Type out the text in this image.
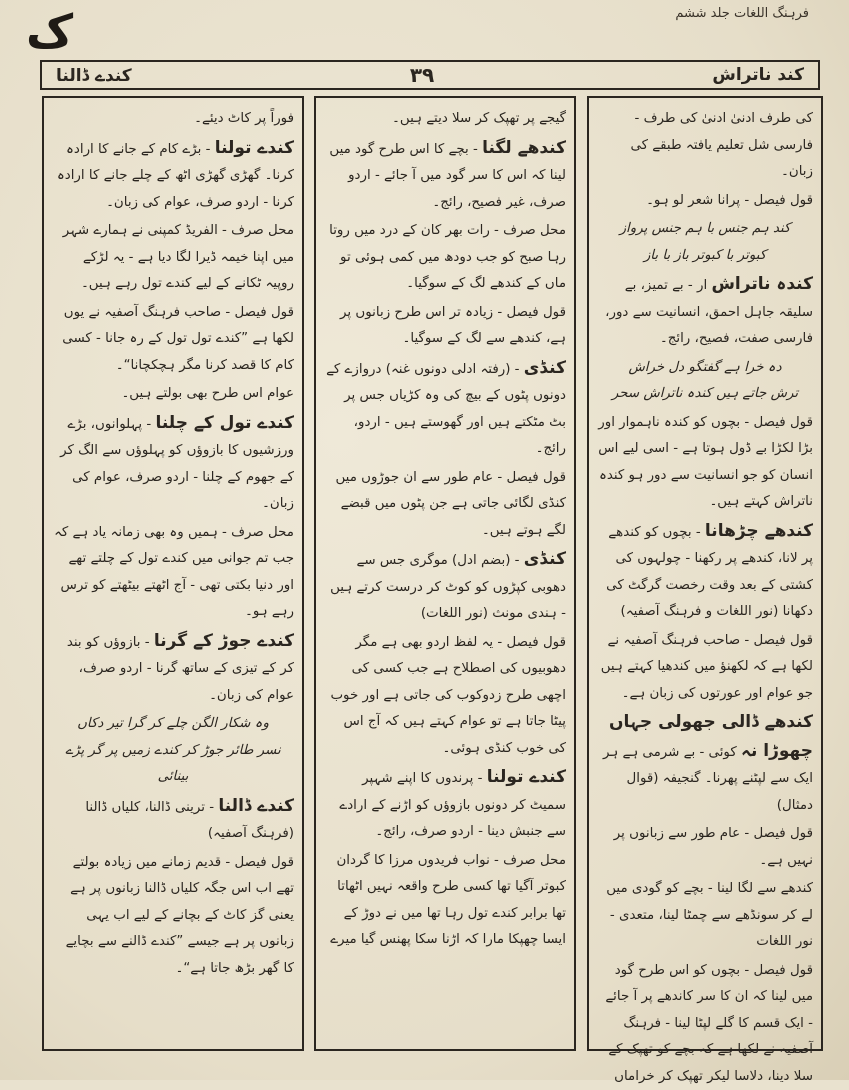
فرہنگ اللغات جلد ششم
ک
کند ناتراش
۳۹
کندے ڈالنا
کی طرف ادنیٰ ادنیٰ کی طرف - فارسی شل تعلیم یافتہ طبقے کی زبان۔
قول فیصل - پرانا شعر لو ہو۔
کند ہم جنس با ہم جنس پرواز
کبوتر با کبوتر باز با باز
کندہ ناتراش ار - بے تمیز، بے سلیقہ جاہل احمق، انسانیت سے دور، فارسی صفت، فصیح، رائج۔
دہ خرا ہے گفتگو دل خراش
ترش جاتے ہیں کندہ ناتراش سحر
قول فیصل - بچوں کو کندہ ناہموار اور بڑا لکڑا بے ڈول ہوتا ہے - اسی لیے اس انسان کو جو انسانیت سے دور ہو کندہ ناتراش کہتے ہیں۔
کندھے چڑھانا - بچوں کو کندھے پر لانا، کندھے پر رکھنا - چولہوں کی کشتی کے بعد وقت رخصت گرگٹ کی دکھانا (نور اللغات و فرہنگ آصفیہ)
قول فیصل - صاحب فرہنگ آصفیہ نے لکھا ہے کہ لکھنؤ میں کندھیا کہتے ہیں جو عوام اور عورتوں کی زبان ہے۔
کندھے ڈالی جھولی جہاں چھوڑا نہ کوئی - بے شرمی ہے ہر ایک سے لپٹنے پھرنا۔ گنجیفہ (قوال دمثال)
قول فیصل - عام طور سے زبانوں پر نہیں ہے۔
کندھے سے لگا لینا - بچے کو گودی میں لے کر سونڈھے سے چمٹا لینا، متعدی - نور اللغات
قول فیصل - بچوں کو اس طرح گود میں لینا کہ ان کا سر کاندھے پر آ جائے - ایک قسم کا گلے لپٹا لینا - فرہنگ آصفیہ نے لکھا ہے کہ بچے کو تھپک کے سلا دینا، دلاسا لیکر تھپک کر خراماں
گیجے پر تھپک کر سلا دیتے ہیں۔
کندھے لگنا - بچے کا اس طرح گود میں لینا کہ اس کا سر گود میں آ جائے - اردو صرف، غیر فصیح، رائج۔
محل صرف - رات بھر کان کے درد میں روتا رہا صبح کو جب دودھ میں کمی ہوئی تو ماں کے کندھے لگ کے سوگیا۔
قول فیصل - زیادہ تر اس طرح زبانوں پر ہے، کندھے سے لگ کے سوگیا۔
کنڈی - (رفتہ ادلی دونوں غنہ) دروازے کے دونوں پٹوں کے بیچ کی وہ کڑیاں جس پر بٹ مٹکتے ہیں اور گھوستے ہیں - اردو، رائج۔
قول فیصل - عام طور سے ان جوڑوں میں کنڈی لگائی جاتی ہے جن پٹوں میں قبضے لگے ہوتے ہیں۔
کنڈی - (بضم ادل) موگری جس سے دھوبی کپڑوں کو کوٹ کر درست کرتے ہیں - ہندی مونث (نور اللغات)
قول فیصل - یہ لفظ اردو بھی ہے مگر دھوبیوں کی اصطلاح ہے جب کسی کی اچھی طرح زدوکوب کی جاتی ہے اور خوب پیٹا جاتا ہے تو عوام کہتے ہیں کہ آج اس کی خوب کنڈی ہوئی۔
کندے تولنا - پرندوں کا اپنے شہپر سمیٹ کر دونوں بازوؤں کو اڑنے کے ارادے سے جنبش دینا - اردو صرف، رائج۔
محل صرف - نواب فریدوں مرزا کا گردان کبوتر آگیا تھا کسی طرح واقعہ نہیں اٹھاتا تھا برابر کندے تول رہا تھا میں نے دوڑ کے ایسا چھپکا مارا کہ اڑنا سکا پھنس گیا میرے
فوراً پر کاٹ دیئے۔
کندے تولنا - بڑے کام کے جانے کا ارادہ کرنا۔ گھڑی گھڑی اٹھ کے چلے جانے کا ارادہ کرنا - اردو صرف، عوام کی زبان۔
محل صرف - الفریڈ کمپنی نے ہمارے شہر میں اپنا خیمہ ڈیرا لگا دیا ہے - یہ لڑکے روپیہ ٹکانے کے لیے کندے تول رہے ہیں۔
قول فیصل - صاحب فرہنگ آصفیہ نے یوں لکھا ہے ”کندے تول تول کے رہ جانا - کسی کام کا قصد کرنا مگر ہچکچانا“۔
عوام اس طرح بھی بولتے ہیں۔
کندے تول کے چلنا - پہلوانوں، بڑے ورزشیوں کا بازوؤں کو پہلوؤں سے الگ کر کے جھوم کے چلنا - اردو صرف، عوام کی زبان۔
محل صرف - ہمیں وہ بھی زمانہ یاد ہے کہ جب تم جوانی میں کندے تول کے چلتے تھے اور دنیا بکتی تھی - آج اٹھتے بیٹھتے کو ترس رہے ہو۔
کندے جوڑ کے گرنا - بازوؤں کو بند کر کے تیزی کے ساتھ گرنا - اردو صرف، عوام کی زبان۔
وہ شکار الگن چلے کر گرا تیر دکاں
نسر طائر جوڑ کر کندے زمیں پر گر پڑے بینائی
کندے ڈالنا - ترینی ڈالنا، کلیاں ڈالنا (فرہنگ آصفیہ)
قول فیصل - قدیم زمانے میں زیادہ بولتے تھے اب اس جگہ کلیاں ڈالنا زبانوں پر ہے یعنی گز کاٹ کے بچانے کے لیے اب یہی زبانوں پر ہے جیسے ”کندے ڈالنے سے بچایے کا گھر بڑھ جاتا ہے“۔
